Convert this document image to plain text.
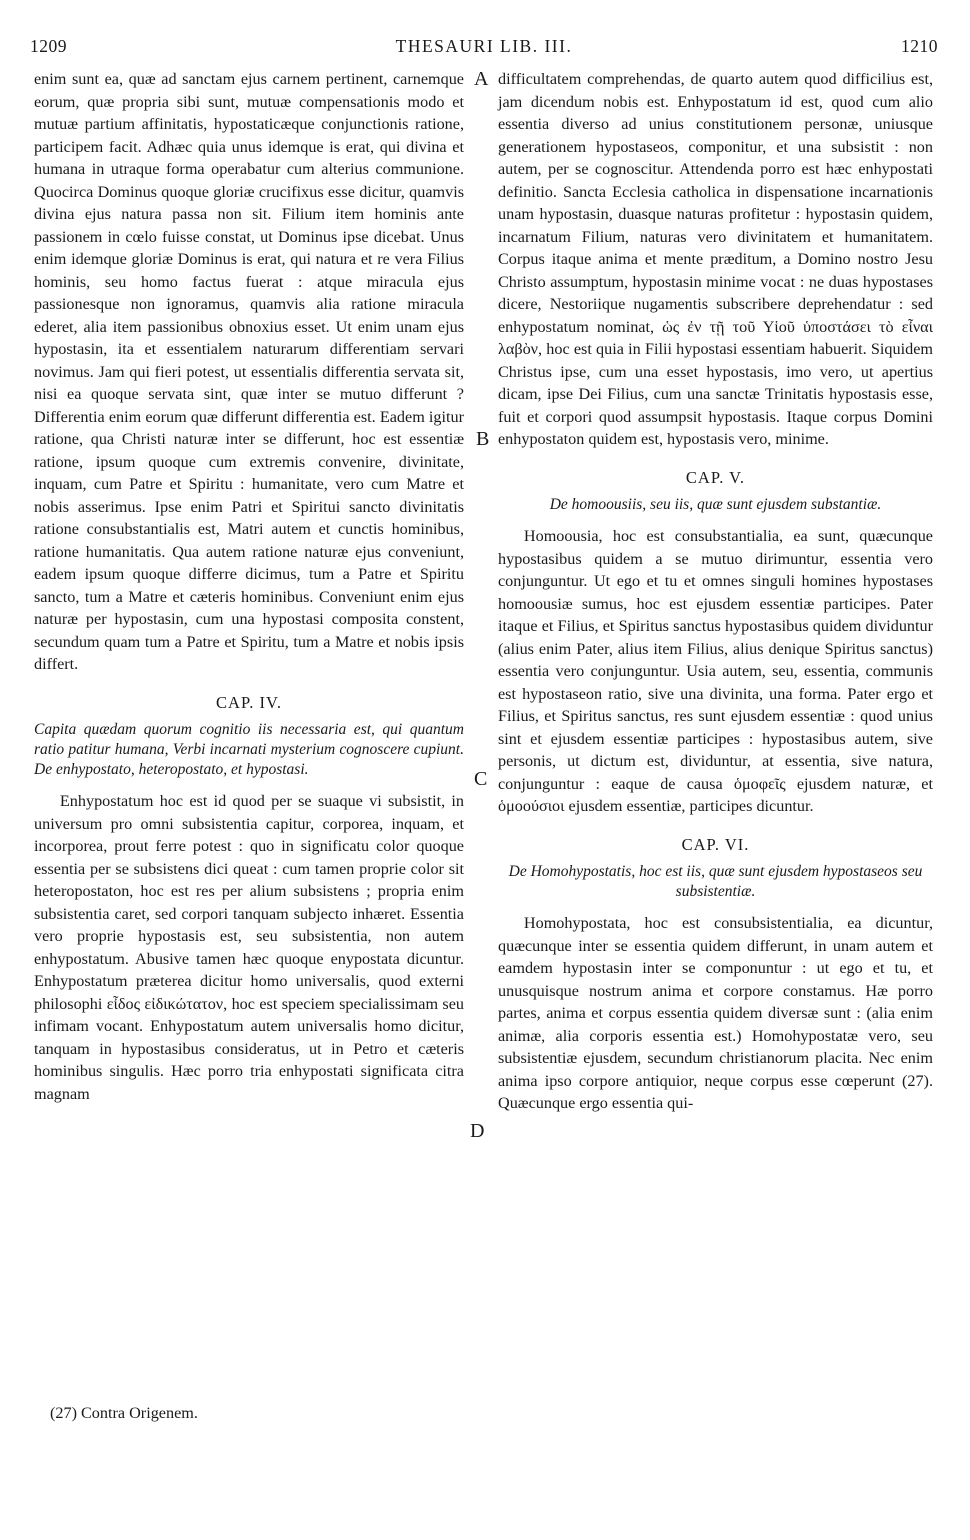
1209	THESAURI LIB. III.	1210

enim sunt ea, quæ ad sanctam ejus carnem pertinent, carnemque eorum, quæ propria sibi sunt, mutuæ compensationis modo et mutuæ partium affinitatis, hypostaticæque conjunctionis ratione, participem facit. Adhæc quia unus idemque is erat, qui divina et humana in utraque forma operabatur cum alterius communione. Quocirca Dominus quoque gloriæ crucifixus esse dicitur, quamvis divina ejus natura passa non sit. Filium item hominis ante passionem in cœlo fuisse constat, ut Dominus ipse dicebat. Unus enim idemque gloriæ Dominus is erat, qui natura et re vera Filius hominis, seu homo factus fuerat : atque miracula ejus passionesque non ignoramus, quamvis alia ratione miracula ederet, alia item passionibus obnoxius esset. Ut enim unam ejus hypostasin, ita et essentialem naturarum differentiam servari novimus. Jam qui fieri potest, ut essentialis differentia servata sit, nisi ea quoque servata sint, quæ inter se mutuo differunt ? Differentia enim eorum quæ differunt differentia est. Eadem igitur ratione, qua Christi naturæ inter se differunt, hoc est essentiæ ratione, ipsum quoque cum extremis convenire, divinitate, inquam, cum Patre et Spiritu : humanitate, vero cum Matre et nobis asserimus. Ipse enim Patri et Spiritui sancto divinitatis ratione consubstantialis est, Matri autem et cunctis hominibus, ratione humanitatis. Qua autem ratione naturæ ejus conveniunt, eadem ipsum quoque differre dicimus, tum a Patre et Spiritu sancto, tum a Matre et cæteris hominibus. Conveniunt enim ejus naturæ per hypostasin, cum una hypostasi composita constent, secundum quam tum a Patre et Spiritu, tum a Matre et nobis ipsis differt.

CAP. IV.
Capita quædam quorum cognitio iis necessaria est, qui quantum ratio patitur humana, Verbi incarnati mysterium cognoscere cupiunt. De enhypostato, heteropostato, et hypostasi.

Enhypostatum hoc est id quod per se suaque vi subsistit, in universum pro omni subsistentia capitur, corporea, inquam, et incorporea, prout ferre potest : quo in significatu color quoque essentia per se subsistens dici queat : cum tamen proprie color sit heteropostaton, hoc est res per alium subsistens ; propria enim subsistentia caret, sed corpori tanquam subjecto inhæret. Essentia vero proprie hypostasis est, seu subsistentia, non autem enhypostatum. Abusive tamen hæc quoque enypostata dicuntur. Enhypostatum præterea dicitur homo universalis, quod externi philosophi εἶδος εἰδικώτατον, hoc est speciem specialissimam seu infimam vocant. Enhypostatum autem universalis homo dicitur, tanquam in hypostasibus consideratus, ut in Petro et cæteris hominibus singulis. Hæc porro tria enhypostati significata citra magnam

difficultatem comprehendas, de quarto autem quod difficilius est, jam dicendum nobis est. Enhypostatum id est, quod cum alio essentia diverso ad unius constitutionem personæ, uniusque generationem hypostaseos, componitur, et una subsistit : non autem, per se cognoscitur. Attendenda porro est hæc enhypostati definitio. Sancta Ecclesia catholica in dispensatione incarnationis unam hypostasin, duasque naturas profitetur : hypostasin quidem, incarnatum Filium, naturas vero divinitatem et humanitatem. Corpus itaque anima et mente præditum, a Domino nostro Jesu Christo assumptum, hypostasin minime vocat : ne duas hypostases dicere, Nestoriique nugamentis subscribere deprehendatur : sed enhypostatum nominat, ὡς ἐν τῇ τοῦ Υἱοῦ ὑποστάσει τὸ εἶναι λαβὸν, hoc est quia in Filii hypostasi essentiam habuerit. Siquidem Christus ipse, cum una esset hypostasis, imo vero, ut apertius dicam, ipse Dei Filius, cum una sanctæ Trinitatis hypostasis esse, fuit et corpori quod assumpsit hypostasis. Itaque corpus Domini enhypostaton quidem est, hypostasis vero, minime.

CAP. V.
De homoousiis, seu iis, quæ sunt ejusdem substantiæ.

Homoousia, hoc est consubstantialia, ea sunt, quæcunque hypostasibus quidem a se mutuo dirimuntur, essentia vero conjunguntur. Ut ego et tu et omnes singuli homines hypostases homoousiæ sumus, hoc est ejusdem essentiæ participes. Pater itaque et Filius, et Spiritus sanctus hypostasibus quidem dividuntur (alius enim Pater, alius item Filius, alius denique Spiritus sanctus) essentia vero conjunguntur. Usia autem, seu, essentia, communis est hypostaseon ratio, sive una divinita, una forma. Pater ergo et Filius, et Spiritus sanctus, res sunt ejusdem essentiæ : quod unius sint et ejusdem essentiæ participes : hypostasibus autem, sive personis, ut dictum est, dividuntur, at essentia, sive natura, conjunguntur : eaque de causa ὁμοφεῖς ejusdem naturæ, et ὁμοούσιοι ejusdem essentiæ, participes dicuntur.

CAP. VI.
De Homohypostatis, hoc est iis, quæ sunt ejusdem hypostaseos seu subsistentiæ.

Homohypostata, hoc est consubsistentialia, ea dicuntur, quæcunque inter se essentia quidem differunt, in unam autem et eamdem hypostasin inter se componuntur : ut ego et tu, et unusquisque nostrum anima et corpore constamus. Hæ porro partes, anima et corpus essentia quidem diversæ sunt : (alia enim animæ, alia corporis essentia est.) Homohypostatæ vero, seu subsistentiæ ejusdem, secundum christianorum placita. Nec enim anima ipso corpore antiquior, neque corpus esse cœperunt (27). Quæcunque ergo essentia qui-

A
B
C
D
(27) Contra Origenem.
